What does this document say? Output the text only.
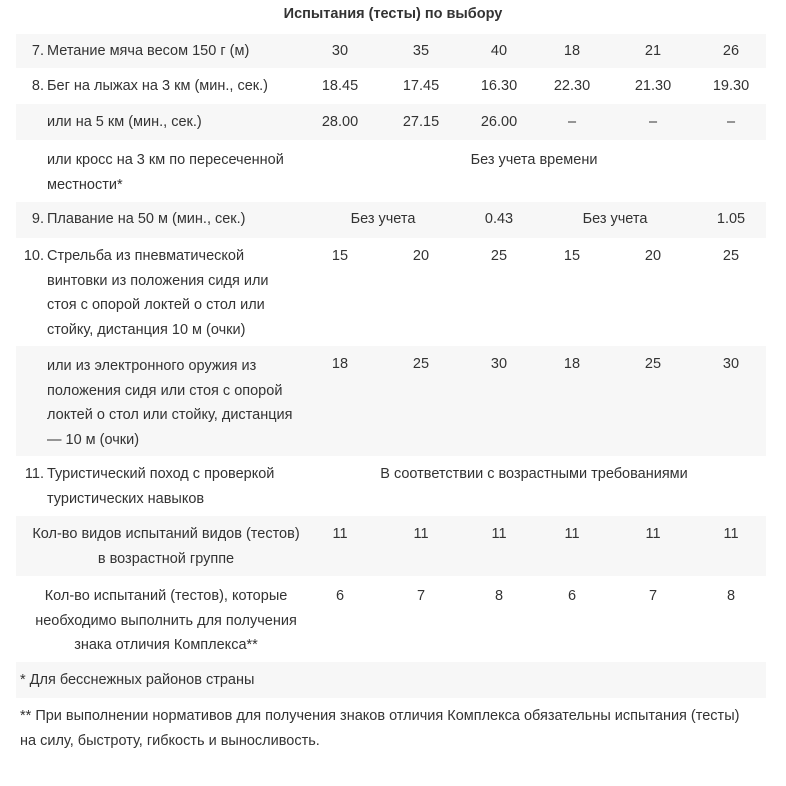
Испытания (тесты) по выбору
7. Метание мяча весом 150 г (м)	30	35	40	18	21	26
8. Бег на лыжах на 3 км (мин., сек.)	18.45	17.45	16.30	22.30	21.30	19.30
или на 5 км (мин., сек.)	28.00	27.15	26.00	–	–	–
или кросс на 3 км по пересеченной
местности*
Без учета времени
9. Плавание на 50 м (мин., сек.)	Без учета	0.43	Без учета	1.05
10. Стрельба из пневматической
винтовки из положения сидя или
стоя с опорой локтей о стол или
стойку, дистанция 10 м (очки)
15	20	25	15	20	25
или из электронного оружия из
положения сидя или стоя с опорой
локтей о стол или стойку, дистанция
— 10 м (очки)
18	25	30	18	25	30
11. Туристический поход с проверкой
туристических навыков
В соответствии с возрастными требованиями
Кол-во видов испытаний видов (тестов)
в возрастной группе
11	11	11	11	11	11
Кол-во испытаний (тестов), которые
необходимо выполнить для получения
знака отличия Комплекса**
6	7	8	6	7	8
* Для бесснежных районов страны
** При выполнении нормативов для получения знаков отличия Комплекса обязательны испытания (тесты)
на силу, быстроту, гибкость и выносливость.
